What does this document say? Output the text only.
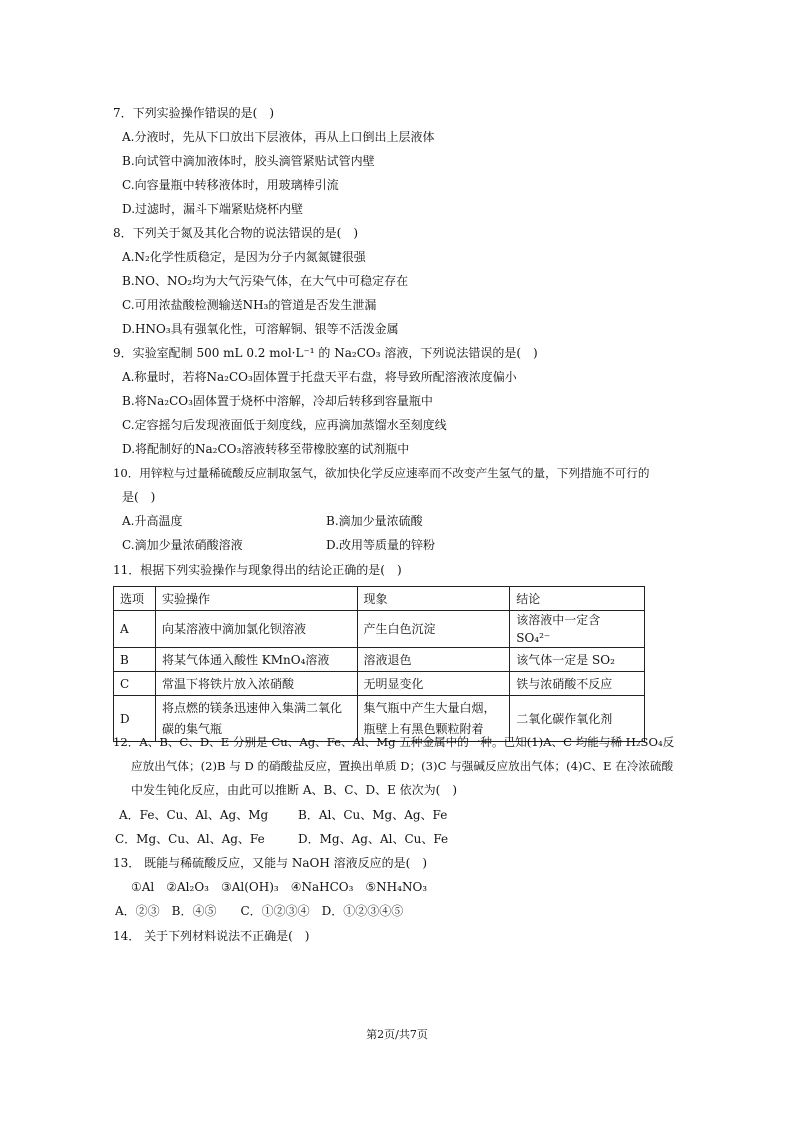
7．下列实验操作错误的是(　)
A.分液时，先从下口放出下层液体，再从上口倒出上层液体
B.向试管中滴加液体时，胶头滴管紧贴试管内壁
C.向容量瓶中转移液体时，用玻璃棒引流
D.过滤时，漏斗下端紧贴烧杯内壁
8．下列关于氮及其化合物的说法错误的是(　)
A.N₂化学性质稳定，是因为分子内氮氮键很强
B.NO、NO₂均为大气污染气体，在大气中可稳定存在
C.可用浓盐酸检测输送NH₃的管道是否发生泄漏
D.HNO₃具有强氧化性，可溶解铜、银等不活泼金属
9．实验室配制 500 mL 0.2 mol·L⁻¹ 的 Na₂CO₃ 溶液，下列说法错误的是(　)
A.称量时，若将Na₂CO₃固体置于托盘天平右盘，将导致所配溶液浓度偏小
B.将Na₂CO₃固体置于烧杯中溶解，冷却后转移到容量瓶中
C.定容摇匀后发现液面低于刻度线，应再滴加蒸馏水至刻度线
D.将配制好的Na₂CO₃溶液转移至带橡胶塞的试剂瓶中
10．用锌粒与过量稀硫酸反应制取氢气，欲加快化学反应速率而不改变产生氢气的量，下列措施不可行的
是(　)
A.升高温度	B.滴加少量浓硫酸
C.滴加少量浓硝酸溶液	D.改用等质量的锌粉
11．根据下列实验操作与现象得出的结论正确的是(　)
选项	实验操作	现象	结论
A	向某溶液中滴加氯化钡溶液	产生白色沉淀	该溶液中一定含 SO₄²⁻
B	将某气体通入酸性 KMnO₄溶液	溶液退色	该气体一定是 SO₂
C	常温下将铁片放入浓硝酸	无明显变化	铁与浓硝酸不反应
D	将点燃的镁条迅速伸入集满二氧化碳的集气瓶	集气瓶中产生大量白烟，瓶壁上有黑色颗粒附着	二氧化碳作氧化剂
12．A、B、C、D、E 分别是 Cu、Ag、Fe、Al、Mg 五种金属中的一种。已知(1)A、C 均能与稀 H₂SO₄反
应放出气体；(2)B 与 D 的硝酸盐反应，置换出单质 D；(3)C 与强碱反应放出气体；(4)C、E 在冷浓硫酸
中发生钝化反应，由此可以推断 A、B、C、D、E 依次为(　)
A．Fe、Cu、Al、Ag、Mg B．Al、Cu、Mg、Ag、Fe
C．Mg、Cu、Al、Ag、Fe	D．Mg、Ag、Al、Cu、Fe
13． 既能与稀硫酸反应，又能与 NaOH 溶液反应的是(　)
①Al　②Al₂O₃　③Al(OH)₃　④NaHCO₃　⑤NH₄NO₃
A．②③　B．④⑤　　C．①②③④　D．①②③④⑤
14． 关于下列材料说法不正确是(　)
第2页/共7页
